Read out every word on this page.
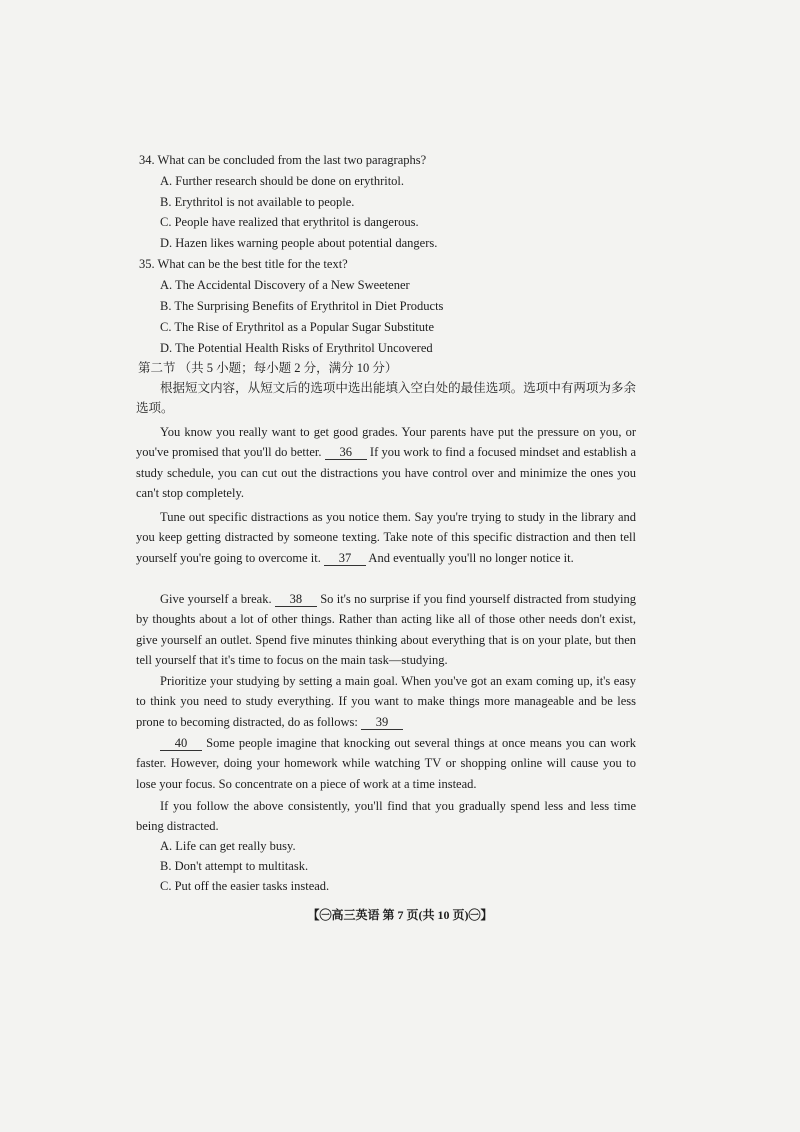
34. What can be concluded from the last two paragraphs?
A. Further research should be done on erythritol.
B. Erythritol is not available to people.
C. People have realized that erythritol is dangerous.
D. Hazen likes warning people about potential dangers.
35. What can be the best title for the text?
A. The Accidental Discovery of a New Sweetener
B. The Surprising Benefits of Erythritol in Diet Products
C. The Rise of Erythritol as a Popular Sugar Substitute
D. The Potential Health Risks of Erythritol Uncovered
第二节 （共 5 小题；每小题 2 分，满分 10 分）
根据短文内容，从短文后的选项中选出能填入空白处的最佳选项。选项中有两项为多余选项。
You know you really want to get good grades. Your parents have put the pressure on you, or you've promised that you'll do better. 36 If you work to find a focused mindset and establish a study schedule, you can cut out the distractions you have control over and minimize the ones you can't stop completely.
Tune out specific distractions as you notice them. Say you're trying to study in the library and you keep getting distracted by someone texting. Take note of this specific distraction and then tell yourself you're going to overcome it. 37 And eventually you'll no longer notice it.
Give yourself a break. 38 So it's no surprise if you find yourself distracted from studying by thoughts about a lot of other things. Rather than acting like all of those other needs don't exist, give yourself an outlet. Spend five minutes thinking about everything that is on your plate, but then tell yourself that it's time to focus on the main task—studying.
Prioritize your studying by setting a main goal. When you've got an exam coming up, it's easy to think you need to study everything. If you want to make things more manageable and be less prone to becoming distracted, do as follows: 39
40 Some people imagine that knocking out several things at once means you can work faster. However, doing your homework while watching TV or shopping online will cause you to lose your focus. So concentrate on a piece of work at a time instead.
If you follow the above consistently, you'll find that you gradually spend less and less time being distracted.
A. Life can get really busy.
B. Don't attempt to multitask.
C. Put off the easier tasks instead.
【㊀高三英语 第 7 页(共 10 页)㊀】
